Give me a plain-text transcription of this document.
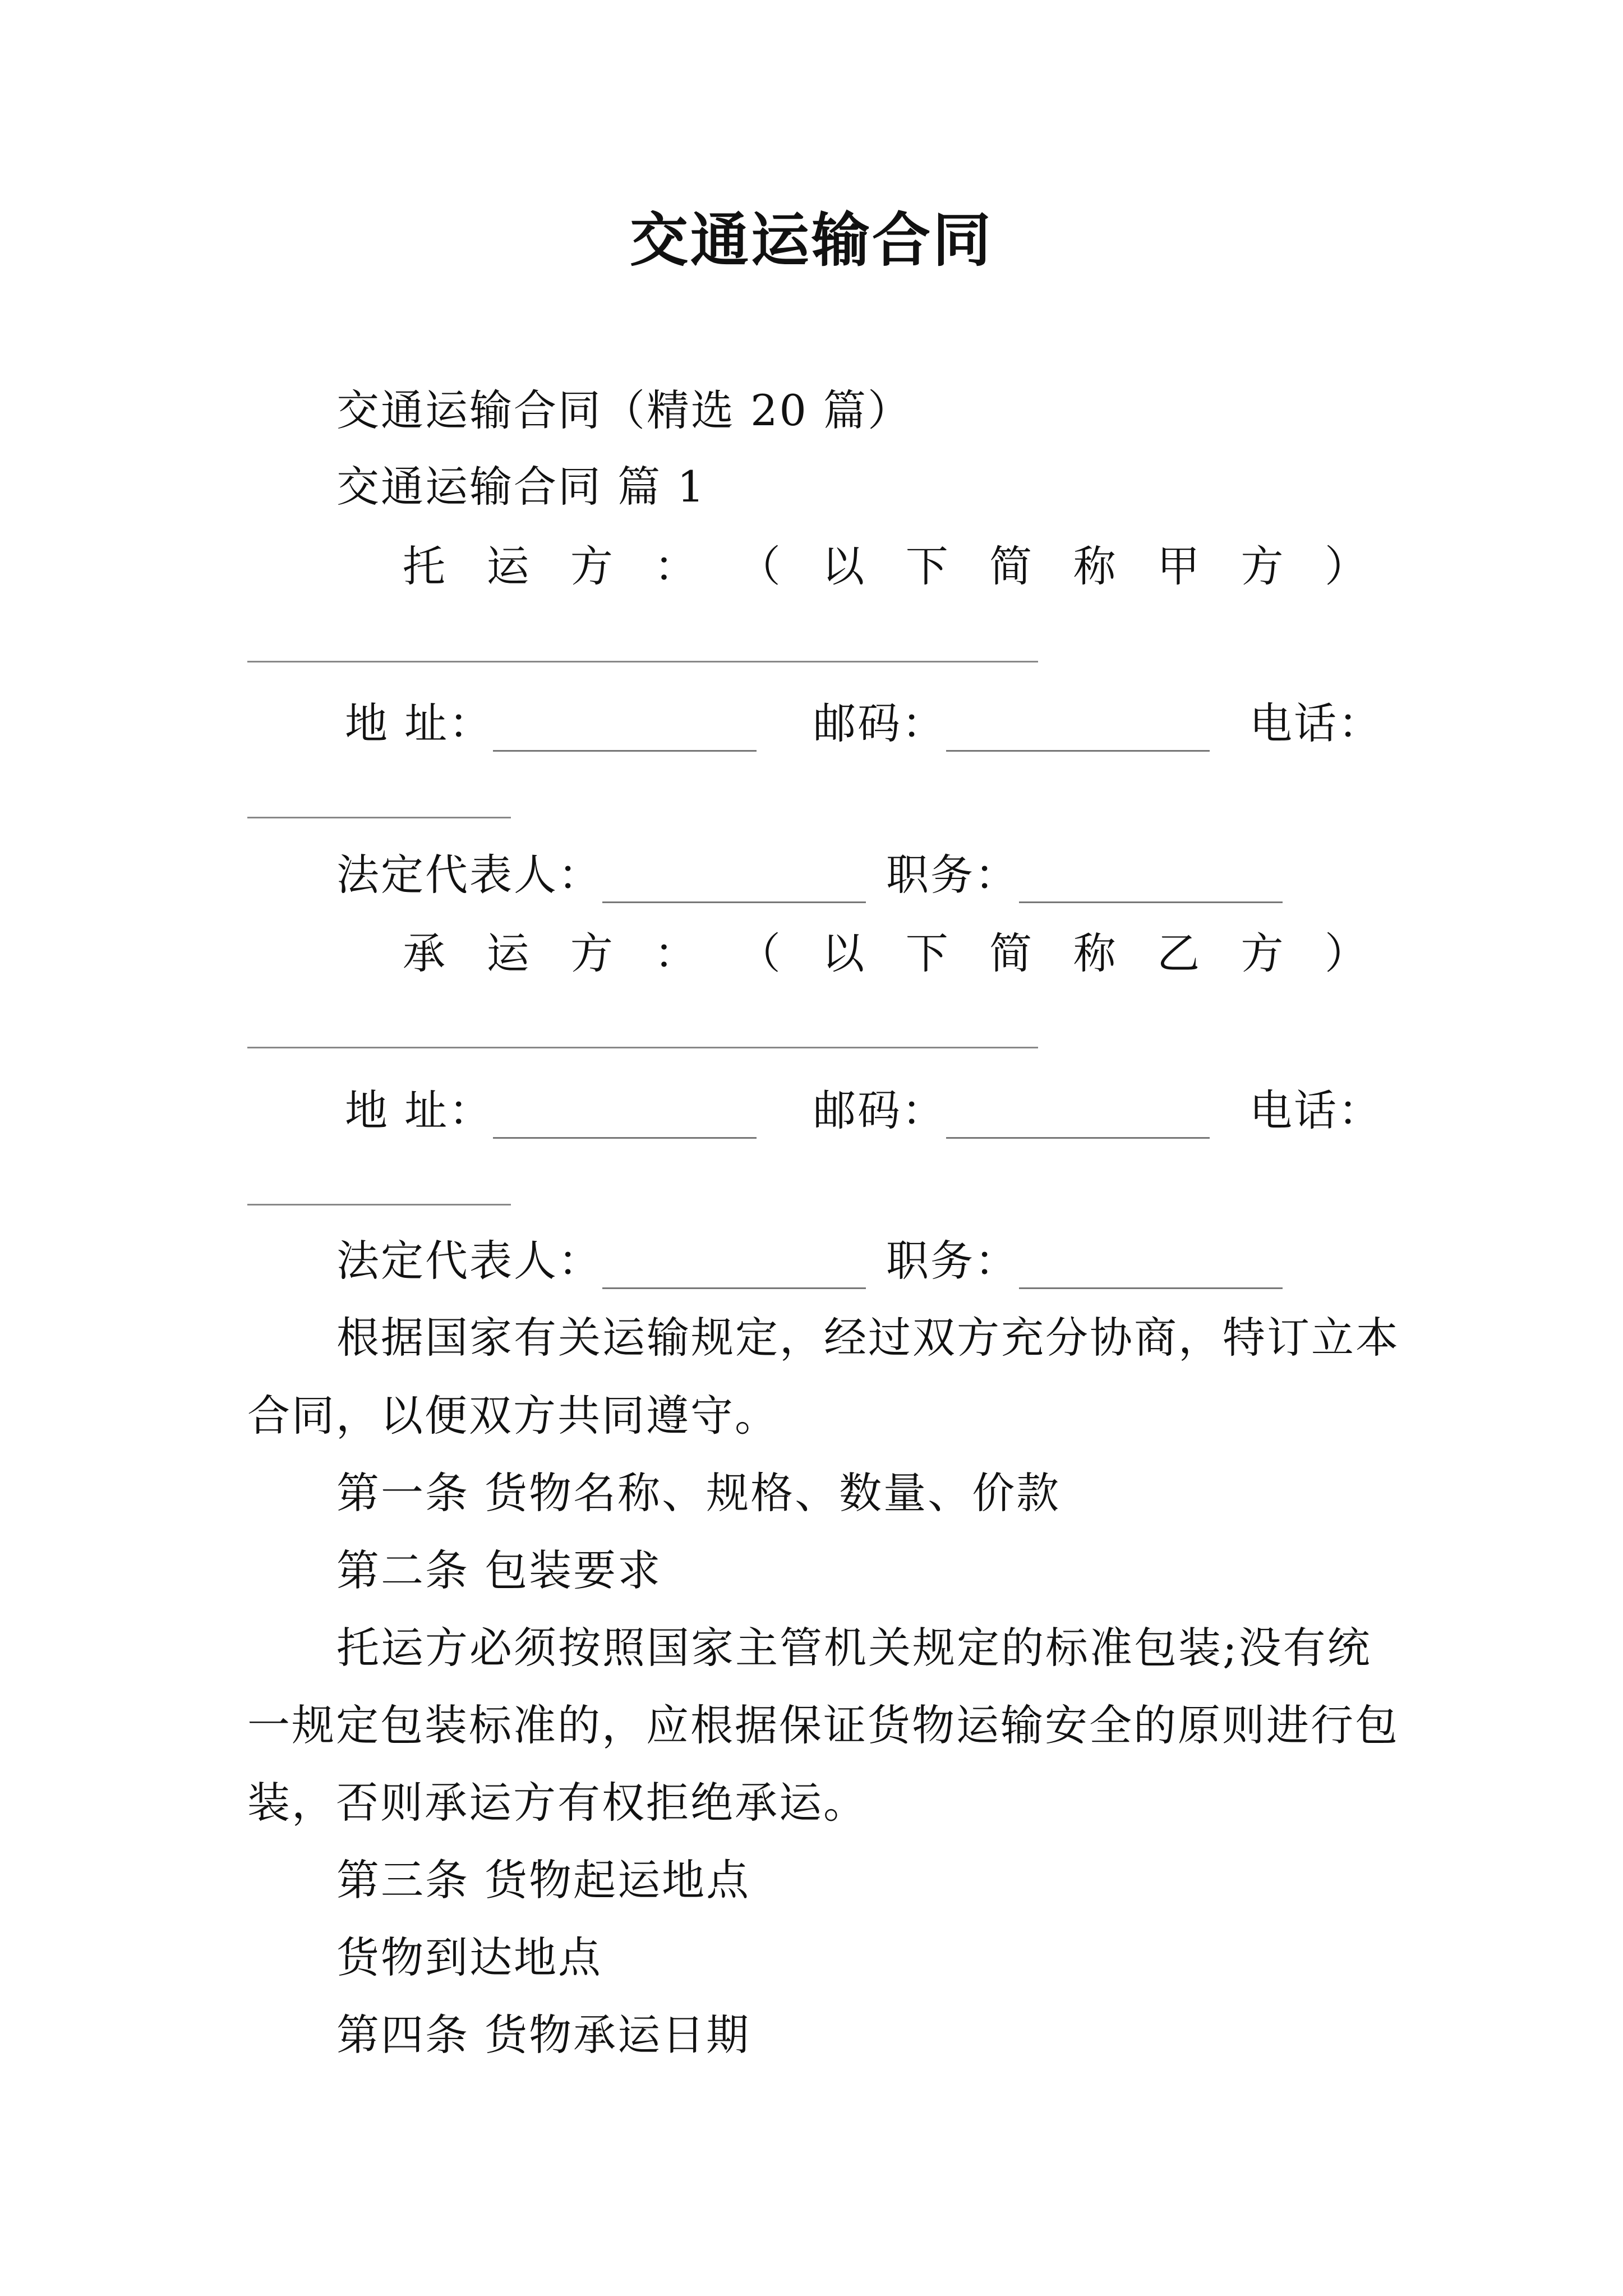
交通运输合同
交通运输合同（精选 20 篇）
交通运输合同 篇 1
托 运 方 ： （ 以 下 简 称 甲 方 ）
地 址：	邮码：	电话：
法定代表人：	职务：
承 运 方 ： （ 以 下 简 称 乙 方 ）
地 址：	邮码：	电话：
法定代表人：	职务：
根据国家有关运输规定，经过双方充分协商，特订立本
合同，以便双方共同遵守。
第一条 货物名称、规格、数量、价款
第二条 包装要求
托运方必须按照国家主管机关规定的标准包装;没有统
一规定包装标准的，应根据保证货物运输安全的原则进行包
装，否则承运方有权拒绝承运。
第三条 货物起运地点
货物到达地点
第四条 货物承运日期
